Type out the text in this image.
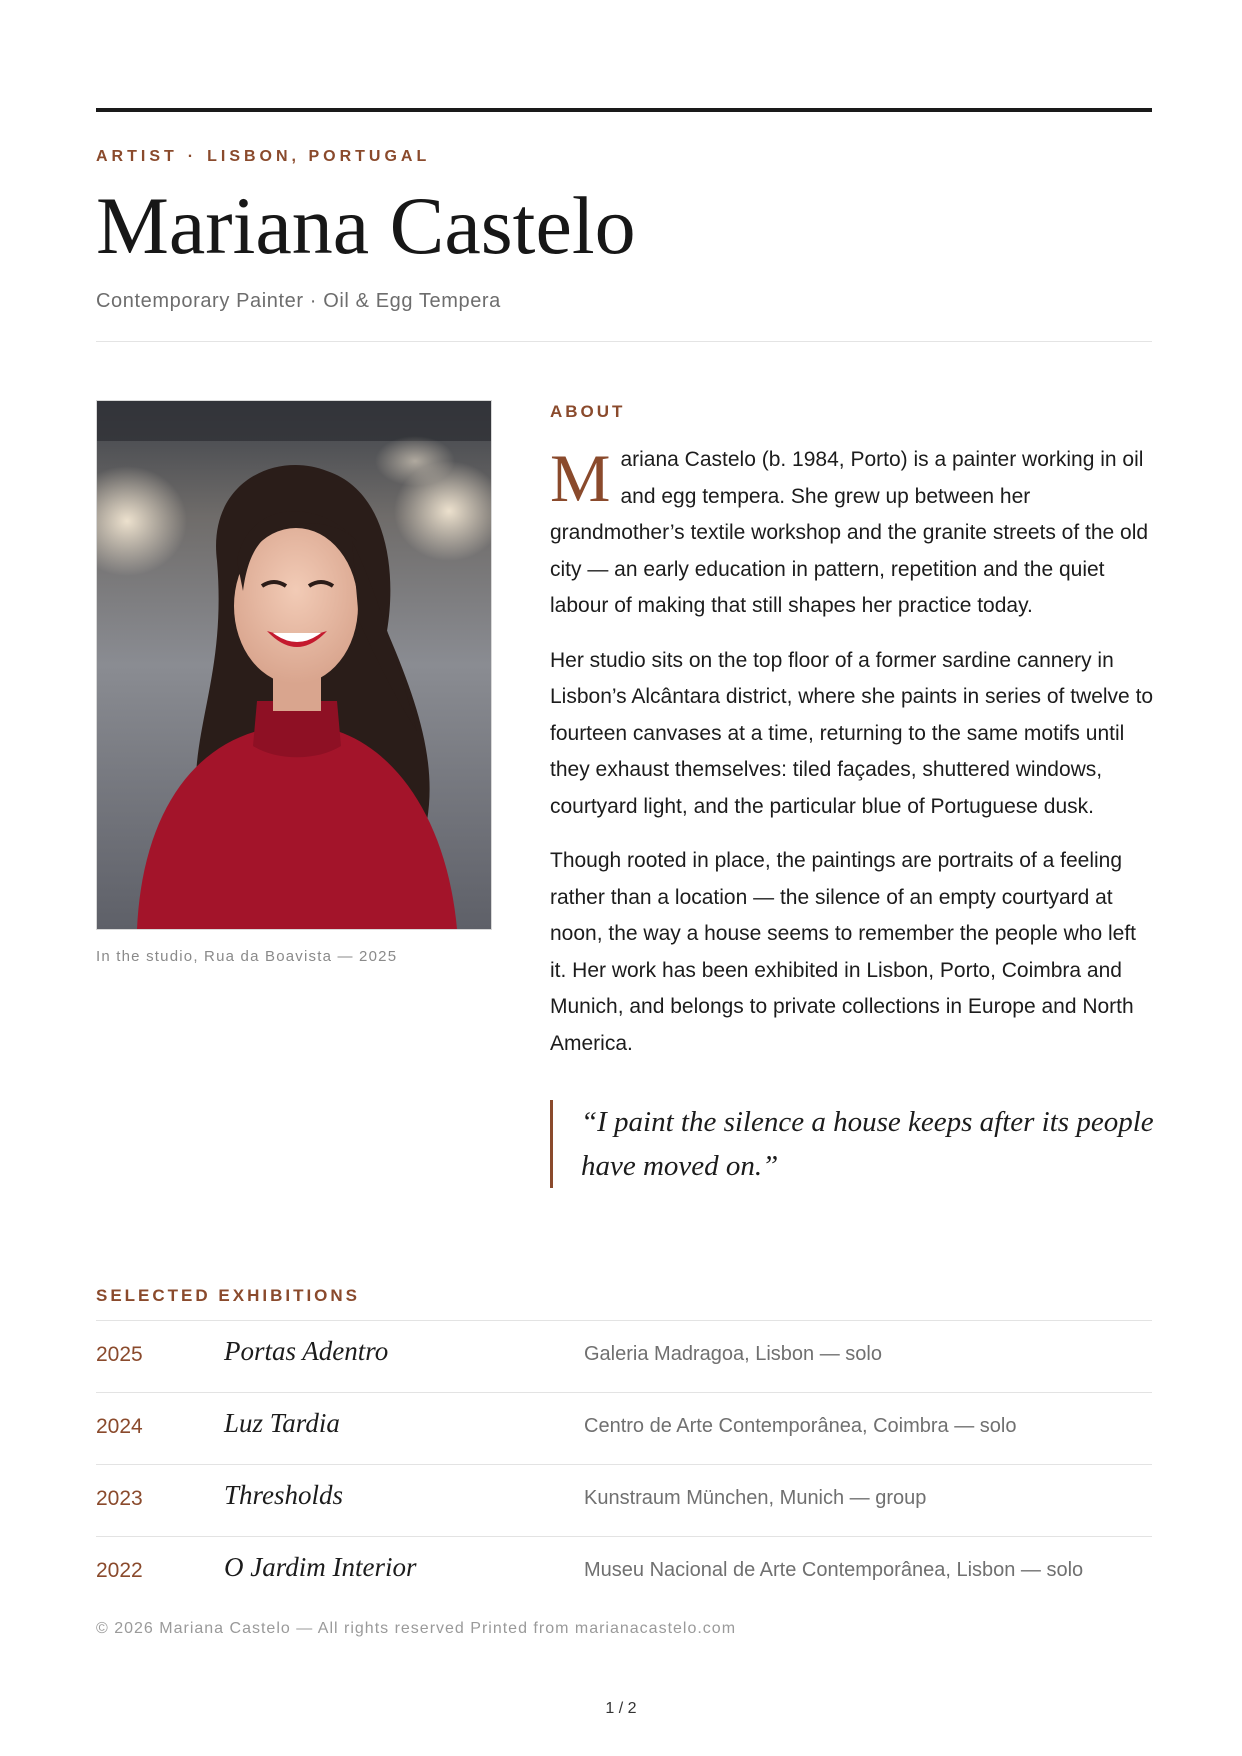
ARTIST · LISBON, PORTUGAL
Mariana Castelo
Contemporary Painter · Oil & Egg Tempera
In the studio, Rua da Boavista — 2025
ABOUT

Mariana Castelo (b. 1984, Porto) is a painter working in oil and egg tempera. She grew up between her grandmother’s textile workshop and the granite streets of the old city — an early education in pattern, repetition and the quiet labour of making that still shapes her practice today.

Her studio sits on the top floor of a former sardine cannery in Lisbon’s Alcântara district, where she paints in series of twelve to fourteen canvases at a time, returning to the same motifs until they exhaust themselves: tiled façades, shuttered windows, courtyard light, and the particular blue of Portuguese dusk.

Though rooted in place, the paintings are portraits of a feeling rather than a location — the silence of an empty courtyard at noon, the way a house seems to remember the people who left it. Her work has been exhibited in Lisbon, Porto, Coimbra and Munich, and belongs to private collections in Europe and North America.

“I paint the silence a house keeps after its people have moved on.”
SELECTED EXHIBITIONS
2025	Portas Adentro	Galeria Madragoa, Lisbon — solo
2024	Luz Tardia	Centro de Arte Contemporânea, Coimbra — solo
2023	Thresholds	Kunstraum München, Munich — group
2022	O Jardim Interior	Museu Nacional de Arte Contemporânea, Lisbon — solo
© 2026 Mariana Castelo — All rights reserved Printed from marianacastelo.com
1 / 2
